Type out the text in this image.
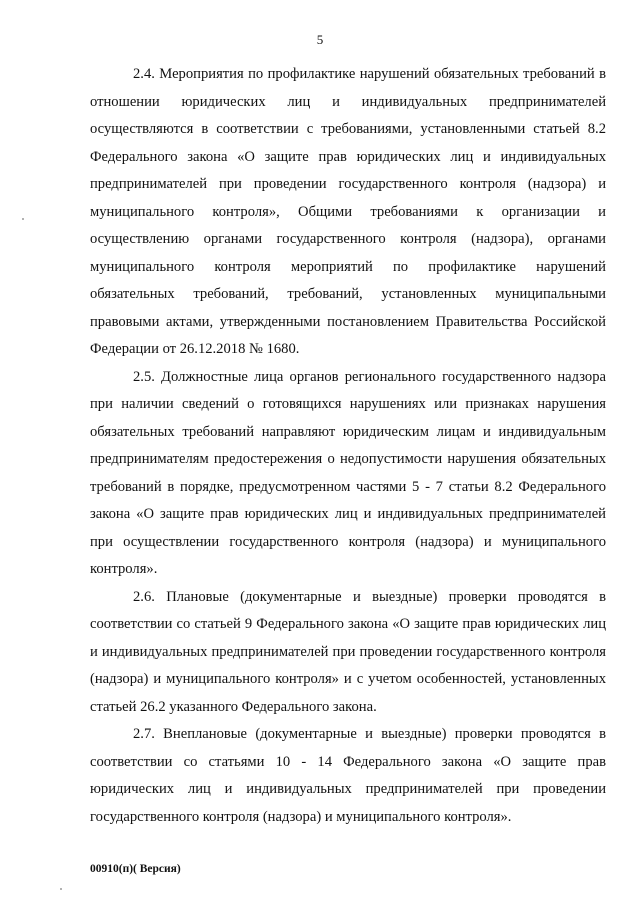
5

2.4. Мероприятия по профилактике нарушений обязательных требований в отношении юридических лиц и индивидуальных предпринимателей осуществляются в соответствии с требованиями, установленными статьей 8.2 Федерального закона «О защите прав юридических лиц и индивидуальных предпринимателей при проведении государственного контроля (надзора) и муниципального контроля», Общими требованиями к организации и осуществлению органами государственного контроля (надзора), органами муниципального контроля мероприятий по профилактике нарушений обязательных требований, требований, установленных муниципальными правовыми актами, утвержденными постановлением Правительства Российской Федерации от 26.12.2018 № 1680.

2.5. Должностные лица органов регионального государственного надзора при наличии сведений о готовящихся нарушениях или признаках нарушения обязательных требований направляют юридическим лицам и индивидуальным предпринимателям предостережения о недопустимости нарушения обязательных требований в порядке, предусмотренном частями 5 - 7 статьи 8.2 Федерального закона «О защите прав юридических лиц и индивидуальных предпринимателей при осуществлении государственного контроля (надзора) и муниципального контроля».

2.6. Плановые (документарные и выездные) проверки проводятся в соответствии со статьей 9 Федерального закона «О защите прав юридических лиц и индивидуальных предпринимателей при проведении государственного контроля (надзора) и муниципального контроля» и с учетом особенностей, установленных статьей 26.2 указанного Федерального закона.

2.7. Внеплановые (документарные и выездные) проверки проводятся в соответствии со статьями 10 - 14 Федерального закона «О защите прав юридических лиц и индивидуальных предпринимателей при проведении государственного контроля (надзора) и муниципального контроля».

00910(п)( Версия)
